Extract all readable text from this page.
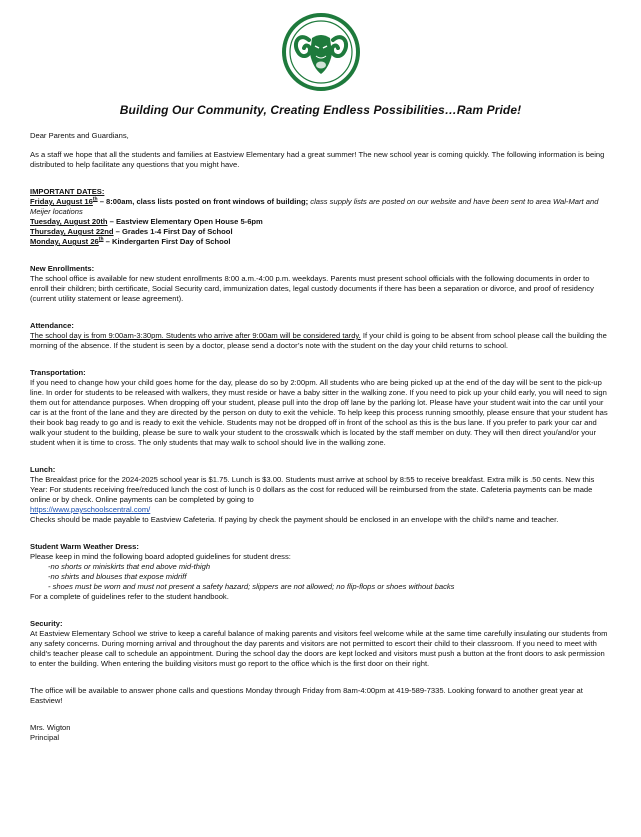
Building Our Community, Creating Endless Possibilities…Ram Pride!

Dear Parents and Guardians,

As a staff we hope that all the students and families at Eastview Elementary had a great summer! The new school year is coming quickly. The following information is being distributed to help facilitate any questions that you might have.

IMPORTANT DATES:
Friday, August 16th – 8:00am, class lists posted on front windows of building; class supply lists are posted on our website and have been sent to area Wal-Mart and Meijer locations
Tuesday, August 20th – Eastview Elementary Open House 5-6pm
Thursday, August 22nd – Grades 1-4 First Day of School
Monday, August 26th – Kindergarten First Day of School
New Enrollments:
The school office is available for new student enrollments 8:00 a.m.-4:00 p.m. weekdays. Parents must present school officials with the following documents in order to enroll their children; birth certificate, Social Security card, immunization dates, legal custody documents if there has been a separation or divorce, and proof of residency (current utility statement or lease agreement).
Attendance:
The school day is from 9:00am-3:30pm. Students who arrive after 9:00am will be considered tardy. If your child is going to be absent from school please call the building the morning of the absence. If the student is seen by a doctor, please send a doctor’s note with the student on the day your child returns to school.
Transportation:
If you need to change how your child goes home for the day, please do so by 2:00pm. All students who are being picked up at the end of the day will be sent to the pick-up line. In order for students to be released with walkers, they must reside or have a baby sitter in the walking zone. If you need to pick up your child early, you will need to sign them out for attendance purposes. When dropping off your student, please pull into the drop off lane by the parking lot. Please have your student wait into the car until your car is at the front of the lane and they are directed by the person on duty to exit the vehicle. To help keep this process running smoothly, please ensure that your student has their book bag ready to go and is ready to exit the vehicle. Students may not be dropped off in front of the school as this is the bus lane. If you prefer to park your car and walk your student to the building, please be sure to walk your student to the crosswalk which is located by the staff member on duty. They will then direct you/and/or your student when it is time to cross. The only students that may walk to school should live in the walking zone.
Lunch:
The Breakfast price for the 2024-2025 school year is $1.75. Lunch is $3.00. Students must arrive at school by 8:55 to receive breakfast. Extra milk is .50 cents. New this Year: For students receiving free/reduced lunch the cost of lunch is 0 dollars as the cost for reduced will be reimbursed from the state. Cafeteria payments can be made online or by check. Online payments can be completed by going to
https://www.payschoolscentral.com/
Checks should be made payable to Eastview Cafeteria. If paying by check the payment should be enclosed in an envelope with the child’s name and teacher.
Student Warm Weather Dress:
Please keep in mind the following board adopted guidelines for student dress:
-no shorts or miniskirts that end above mid-thigh
-no shirts and blouses that expose midriff
- shoes must be worn and must not present a safety hazard; slippers are not allowed; no flip-flops or shoes without backs
For a complete of guidelines refer to the student handbook.
Security:
At Eastview Elementary School we strive to keep a careful balance of making parents and visitors feel welcome while at the same time carefully insulating our students from any safety concerns. During morning arrival and throughout the day parents and visitors are not permitted to escort their child to their classroom. If you need to meet with child’s teacher please call to schedule an appointment. During the school day the doors are kept locked and visitors must push a button at the front doors to ask permission to enter the building. When entering the building visitors must go report to the office which is the first door on their right.

The office will be available to answer phone calls and questions Monday through Friday from 8am-4:00pm at 419-589-7335. Looking forward to another great year at Eastview!

Mrs. Wigton
Principal
